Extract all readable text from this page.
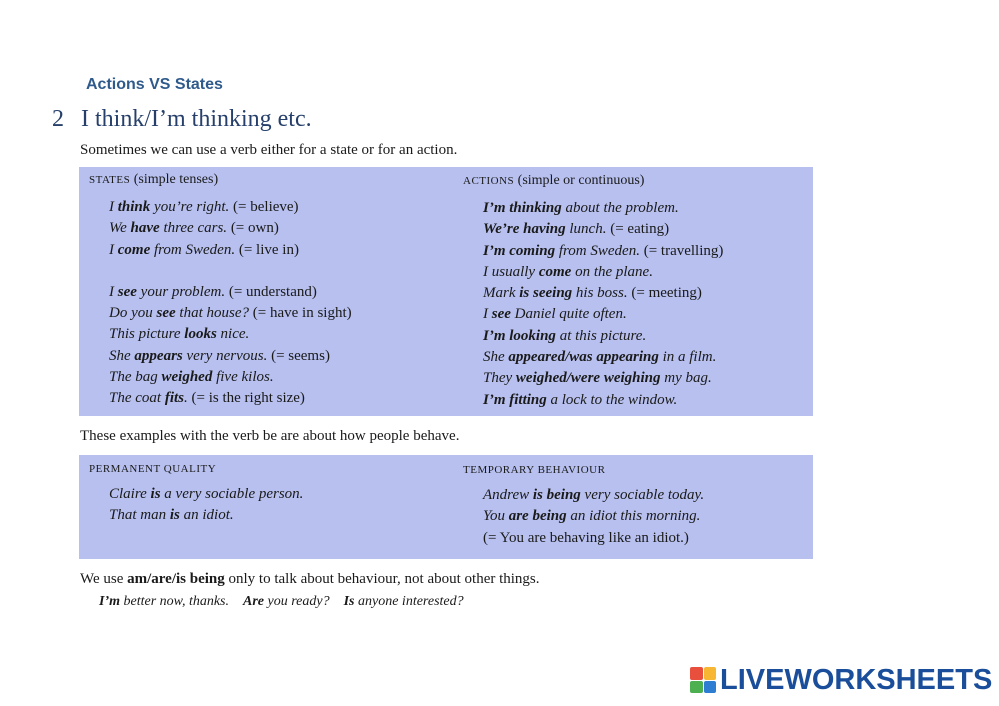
Actions VS States
2 I think/I’m thinking etc.
Sometimes we can use a verb either for a state or for an action.
STATES (simple tenses)	ACTIONS (simple or continuous)
I think you’re right. (= believe)
We have three cars. (= own)
I come from Sweden. (= live in)
I see your problem. (= understand)
Do you see that house? (= have in sight)
This picture looks nice.
She appears very nervous. (= seems)
The bag weighed five kilos.
The coat fits. (= is the right size)
I’m thinking about the problem.
We’re having lunch. (= eating)
I’m coming from Sweden. (= travelling)
I usually come on the plane.
Mark is seeing his boss. (= meeting)
I see Daniel quite often.
I’m looking at this picture.
She appeared/was appearing in a film.
They weighed/were weighing my bag.
I’m fitting a lock to the window.
These examples with the verb be are about how people behave.
PERMANENT QUALITY	TEMPORARY BEHAVIOUR
Claire is a very sociable person.
That man is an idiot.
Andrew is being very sociable today.
You are being an idiot this morning.
(= You are behaving like an idiot.)
We use am/are/is being only to talk about behaviour, not about other things.
I’m better now, thanks. Are you ready? Is anyone interested?
LIVEWORKSHEETS
